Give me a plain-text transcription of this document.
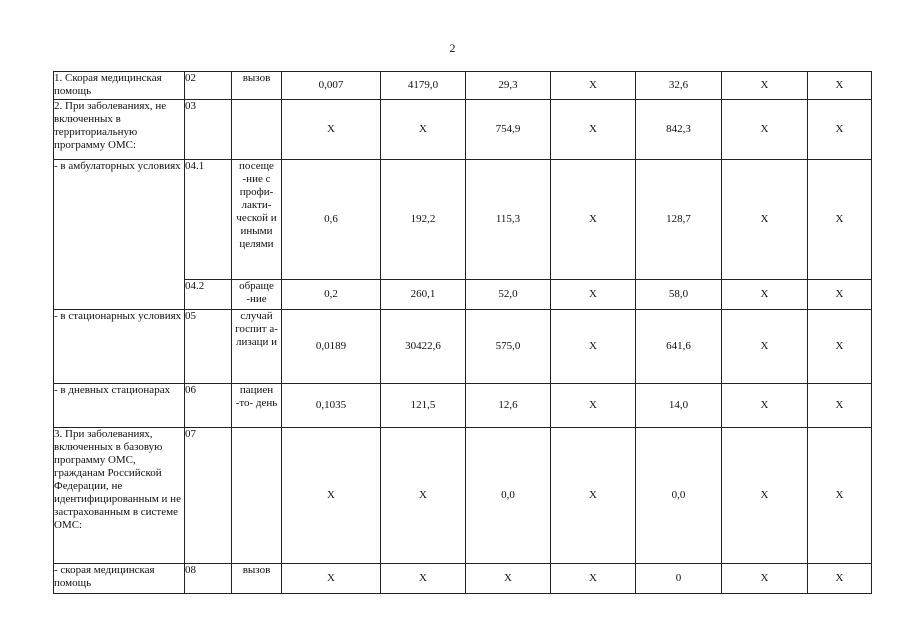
2
1. Скорая медицинская помощь	02	вызов	0,007	4179,0	29,3	X	32,6	X	X
2. При заболеваниях, не включенных в территориальную программу ОМС:	03		X	X	754,9	X	842,3	X	X
- в амбулаторных условиях	04.1	посеще -ние с профи- лакти- ческой и иными целями	0,6	192,2	115,3	X	128,7	X	X
	04.2	обраще -ние	0,2	260,1	52,0	X	58,0	X	X
- в стационарных условиях	05	случай госпит а- лизаци и	0,0189	30422,6	575,0	X	641,6	X	X
- в дневных стационарах	06	пациен -то- день	0,1035	121,5	12,6	X	14,0	X	X
3. При заболеваниях, включенных в базовую программу ОМС, гражданам Российской Федерации, не идентифицированным и не застрахованным в системе ОМС:	07		X	X	0,0	X	0,0	X	X
- скорая медицинская помощь	08	вызов	X	X	X	X	0	X	X
